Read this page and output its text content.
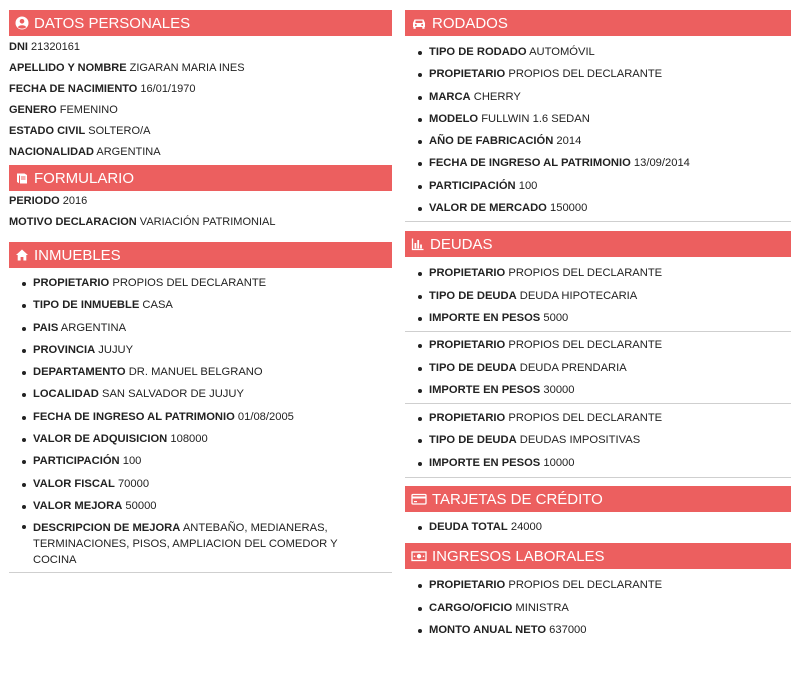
DATOS PERSONALES
DNI 21320161
APELLIDO Y NOMBRE ZIGARAN MARIA INES
FECHA DE NACIMIENTO 16/01/1970
GENERO FEMENINO
ESTADO CIVIL SOLTERO/A
NACIONALIDAD ARGENTINA
FORMULARIO
PERIODO 2016
MOTIVO DECLARACION VARIACIÓN PATRIMONIAL
INMUEBLES
PROPIETARIO PROPIOS DEL DECLARANTE
TIPO DE INMUEBLE CASA
PAIS ARGENTINA
PROVINCIA JUJUY
DEPARTAMENTO DR. MANUEL BELGRANO
LOCALIDAD SAN SALVADOR DE JUJUY
FECHA DE INGRESO AL PATRIMONIO 01/08/2005
VALOR DE ADQUISICION 108000
PARTICIPACIÓN 100
VALOR FISCAL 70000
VALOR MEJORA 50000
DESCRIPCION DE MEJORA ANTEBAÑO, MEDIANERAS, TERMINACIONES, PISOS, AMPLIACION DEL COMEDOR Y COCINA
RODADOS
TIPO DE RODADO AUTOMÓVIL
PROPIETARIO PROPIOS DEL DECLARANTE
MARCA CHERRY
MODELO FULLWIN 1.6 SEDAN
AÑO DE FABRICACIÓN 2014
FECHA DE INGRESO AL PATRIMONIO 13/09/2014
PARTICIPACIÓN 100
VALOR DE MERCADO 150000
DEUDAS
PROPIETARIO PROPIOS DEL DECLARANTE
TIPO DE DEUDA DEUDA HIPOTECARIA
IMPORTE EN PESOS 5000
PROPIETARIO PROPIOS DEL DECLARANTE
TIPO DE DEUDA DEUDA PRENDARIA
IMPORTE EN PESOS 30000
PROPIETARIO PROPIOS DEL DECLARANTE
TIPO DE DEUDA DEUDAS IMPOSITIVAS
IMPORTE EN PESOS 10000
TARJETAS DE CRÉDITO
DEUDA TOTAL 24000
INGRESOS LABORALES
PROPIETARIO PROPIOS DEL DECLARANTE
CARGO/OFICIO MINISTRA
MONTO ANUAL NETO 637000
